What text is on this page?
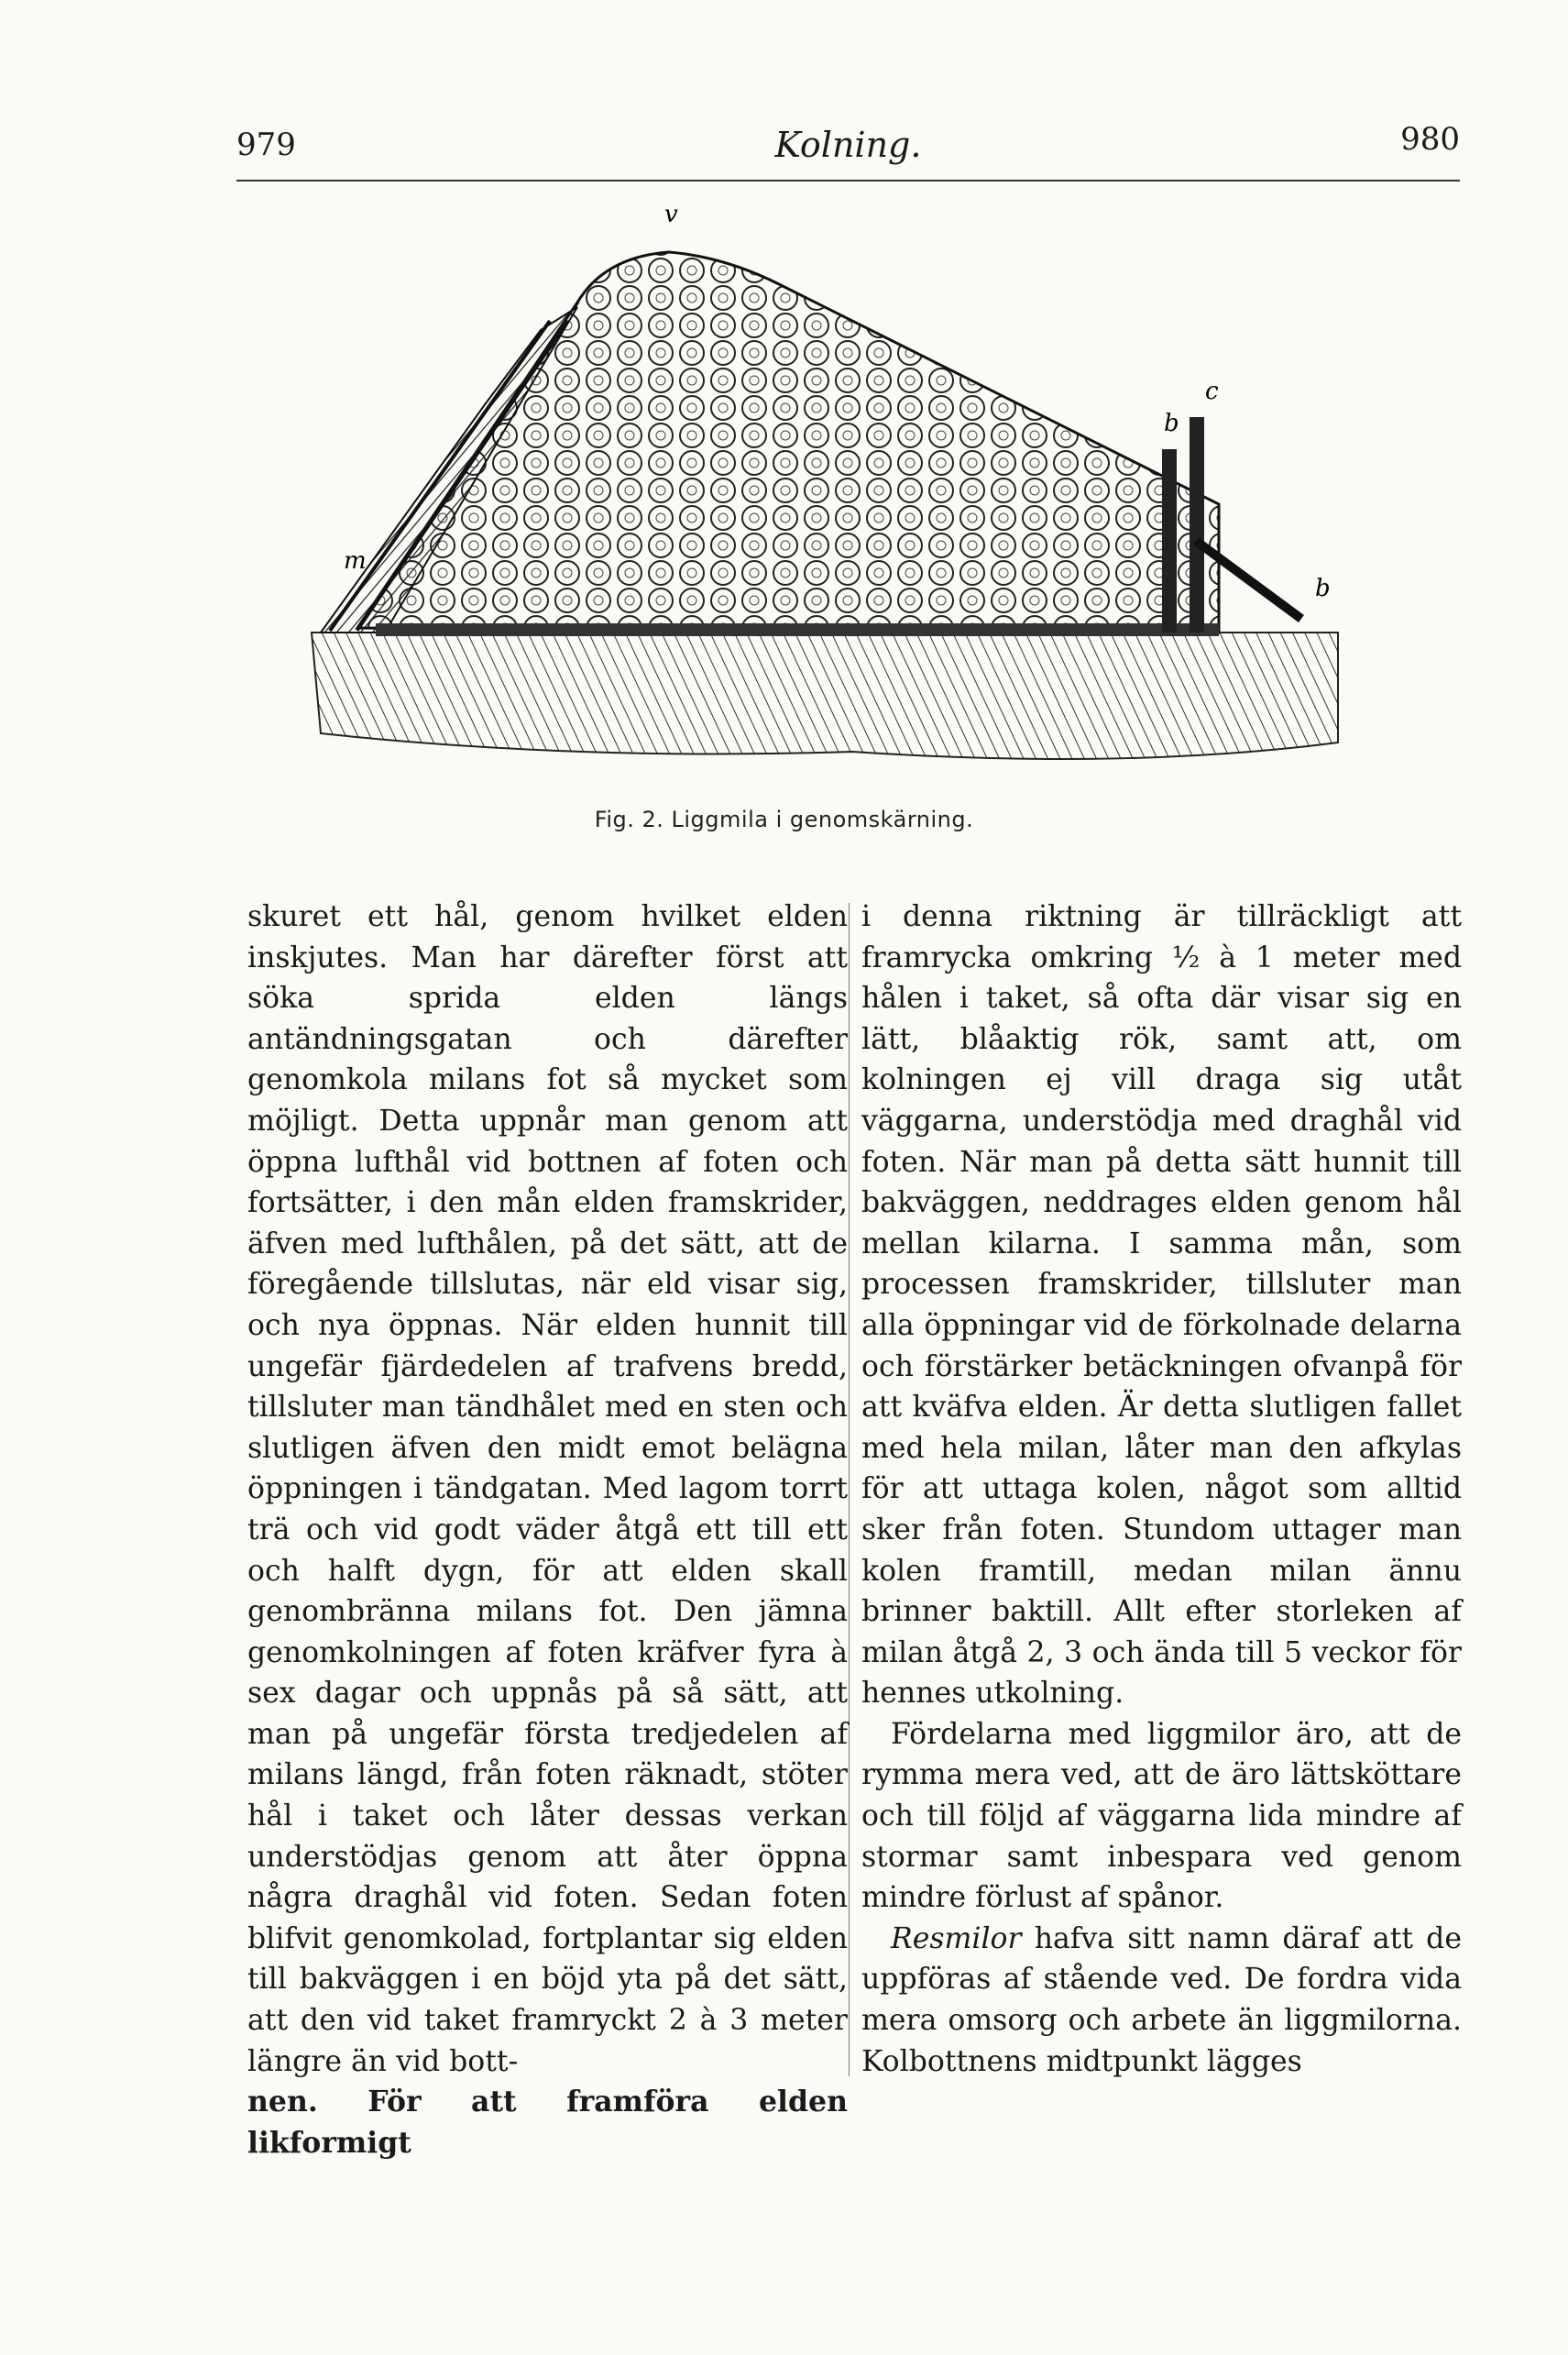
979	Kolning.	980
v
c
b
m
b
Fig. 2. Liggmila i genomskärning.

skuret ett hål, genom hvilket elden inskjutes. Man har därefter först att söka sprida elden längs antändningsgatan och därefter genomkola milans fot så mycket som möjligt. Detta uppnår man genom att öppna lufthål vid bottnen af foten och fortsätter, i den mån elden framskrider, äfven med lufthålen, på det sätt, att de föregående tillslutas, när eld visar sig, och nya öppnas. När elden hunnit till ungefär fjärdedelen af trafvens bredd, tillsluter man tändhålet med en sten och slutligen äfven den midt emot belägna öppningen i tändgatan. Med lagom torrt trä och vid godt väder åtgå ett till ett och halft dygn, för att elden skall genombränna milans fot. Den jämna genomkolningen af foten kräfver fyra à sex dagar och uppnås på så sätt, att man på ungefär första tredjedelen af milans längd, från foten räknadt, stöter hål i taket och låter dessas verkan understödjas genom att åter öppna några draghål vid foten. Sedan foten blifvit genomkolad, fortplantar sig elden till bakväggen i en böjd yta på det sätt, att den vid taket framryckt 2 à 3 meter längre än vid bott-

nen. För att framföra elden likformigt

i denna riktning är tillräckligt att framrycka omkring ½ à 1 meter med hålen i taket, så ofta där visar sig en lätt, blåaktig rök, samt att, om kolningen ej vill draga sig utåt väggarna, understödja med draghål vid foten. När man på detta sätt hunnit till bakväggen, neddrages elden genom hål mellan kilarna. I samma mån, som processen framskrider, tillsluter man alla öppningar vid de förkolnade delarna och förstärker betäckningen ofvanpå för att kväfva elden. Är detta slutligen fallet med hela milan, låter man den afkylas för att uttaga kolen, något som alltid sker från foten. Stundom uttager man kolen framtill, medan milan ännu brinner baktill. Allt efter storleken af milan åtgå 2, 3 och ända till 5 veckor för hennes utkolning.

Fördelarna med liggmilor äro, att de rymma mera ved, att de äro lättsköttare och till följd af väggarna lida mindre af stormar samt inbespara ved genom mindre förlust af spånor.

Resmilor hafva sitt namn däraf att de uppföras af stående ved. De fordra vida mera omsorg och arbete än liggmilorna. Kolbottnens midtpunkt lägges
